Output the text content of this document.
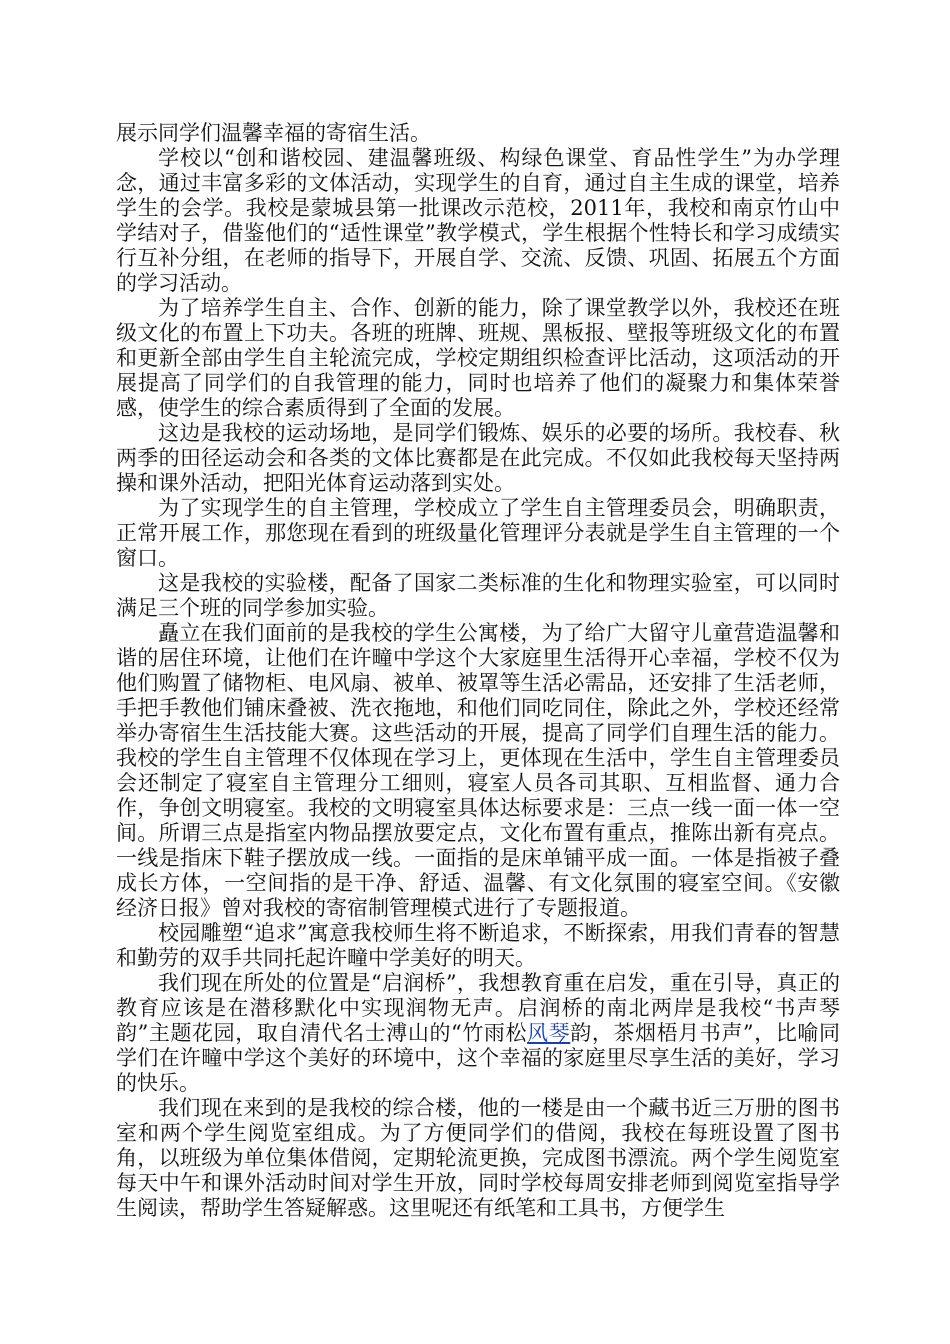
展示同学们温馨幸福的寄宿生活。

学校以“创和谐校园、建温馨班级、构绿色课堂、育品性学生”为办学理念，通过丰富多彩的文体活动，实现学生的自育，通过自主生成的课堂，培养学生的会学。我校是蒙城县第一批课改示范校，2011年，我校和南京竹山中学结对子，借鉴他们的“适性课堂”教学模式，学生根据个性特长和学习成绩实行互补分组，在老师的指导下，开展自学、交流、反馈、巩固、拓展五个方面的学习活动。

为了培养学生自主、合作、创新的能力，除了课堂教学以外，我校还在班级文化的布置上下功夫。各班的班牌、班规、黑板报、壁报等班级文化的布置和更新全部由学生自主轮流完成，学校定期组织检查评比活动，这项活动的开展提高了同学们的自我管理的能力，同时也培养了他们的凝聚力和集体荣誉感，使学生的综合素质得到了全面的发展。

这边是我校的运动场地，是同学们锻炼、娱乐的必要的场所。我校春、秋两季的田径运动会和各类的文体比赛都是在此完成。不仅如此我校每天坚持两操和课外活动，把阳光体育运动落到实处。

为了实现学生的自主管理，学校成立了学生自主管理委员会，明确职责，正常开展工作，那您现在看到的班级量化管理评分表就是学生自主管理的一个窗口。

这是我校的实验楼，配备了国家二类标准的生化和物理实验室，可以同时满足三个班的同学参加实验。

矗立在我们面前的是我校的学生公寓楼，为了给广大留守儿童营造温馨和谐的居住环境，让他们在许疃中学这个大家庭里生活得开心幸福，学校不仅为他们购置了储物柜、电风扇、被单、被罩等生活必需品，还安排了生活老师，手把手教他们铺床叠被、洗衣拖地，和他们同吃同住，除此之外，学校还经常举办寄宿生生活技能大赛。这些活动的开展，提高了同学们自理生活的能力。我校的学生自主管理不仅体现在学习上，更体现在生活中，学生自主管理委员会还制定了寝室自主管理分工细则，寝室人员各司其职、互相监督、通力合作，争创文明寝室。我校的文明寝室具体达标要求是：三点一线一面一体一空间。所谓三点是指室内物品摆放要定点，文化布置有重点，推陈出新有亮点。一线是指床下鞋子摆放成一线。一面指的是床单铺平成一面。一体是指被子叠成长方体，一空间指的是干净、舒适、温馨、有文化氛围的寝室空间。《安徽经济日报》曾对我校的寄宿制管理模式进行了专题报道。

校园雕塑“追求”寓意我校师生将不断追求，不断探索，用我们青春的智慧和勤劳的双手共同托起许疃中学美好的明天。

我们现在所处的位置是“启润桥”，我想教育重在启发，重在引导，真正的教育应该是在潜移默化中实现润物无声。启润桥的南北两岸是我校“书声琴韵”主题花园，取自清代名士溥山的“竹雨松风琴韵，茶烟梧月书声”，比喻同学们在许疃中学这个美好的环境中，这个幸福的家庭里尽享生活的美好，学习的快乐。

我们现在来到的是我校的综合楼，他的一楼是由一个藏书近三万册的图书室和两个学生阅览室组成。为了方便同学们的借阅，我校在每班设置了图书角，以班级为单位集体借阅，定期轮流更换，完成图书漂流。两个学生阅览室每天中午和课外活动时间对学生开放，同时学校每周安排老师到阅览室指导学生阅读，帮助学生答疑解惑。这里呢还有纸笔和工具书，方便学生
